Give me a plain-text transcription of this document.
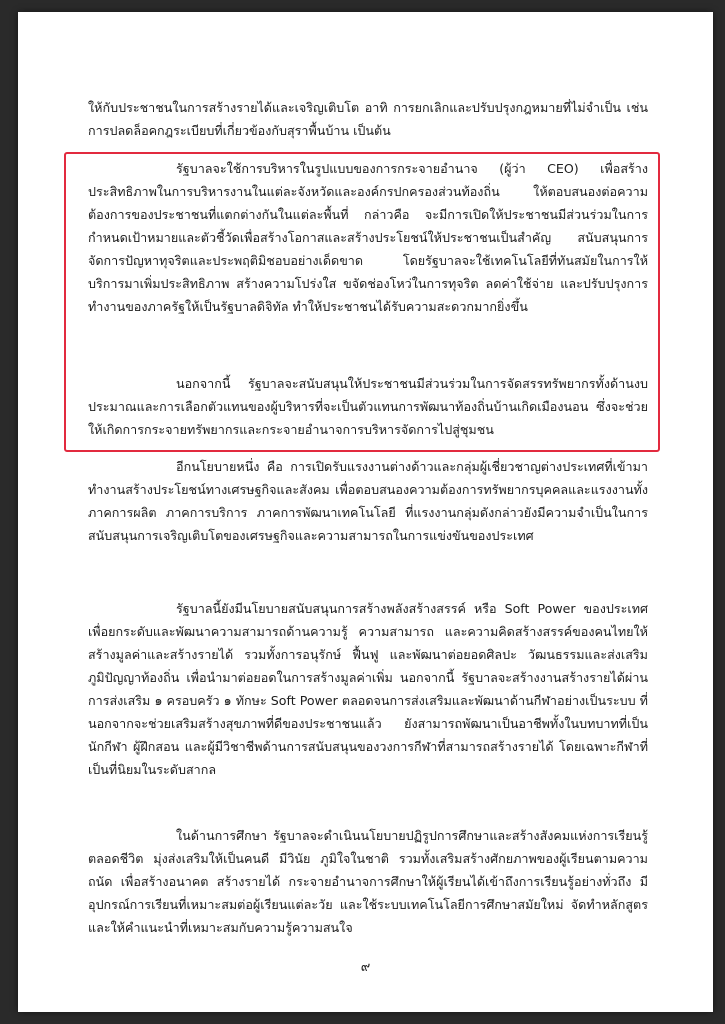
ให้กับประชาชนในการสร้างรายได้และเจริญเติบโต อาทิ การยกเลิกและปรับปรุงกฎหมายที่ไม่จำเป็น เช่น การปลดล็อคกฎระเบียบที่เกี่ยวข้องกับสุราพื้นบ้าน เป็นต้น

รัฐบาลจะใช้การบริหารในรูปแบบของการกระจายอำนาจ (ผู้ว่า CEO) เพื่อสร้างประสิทธิภาพในการบริหารงานในแต่ละจังหวัดและองค์กรปกครองส่วนท้องถิ่น ให้ตอบสนองต่อความต้องการของประชาชนที่แตกต่างกันในแต่ละพื้นที่ กล่าวคือ จะมีการเปิดให้ประชาชนมีส่วนร่วมในการกำหนดเป้าหมายและตัวชี้วัดเพื่อสร้างโอกาสและสร้างประโยชน์ให้ประชาชนเป็นสำคัญ สนับสนุนการจัดการปัญหาทุจริตและประพฤติมิชอบอย่างเด็ดขาด โดยรัฐบาลจะใช้เทคโนโลยีที่ทันสมัยในการให้บริการมาเพิ่มประสิทธิภาพ สร้างความโปร่งใส ขจัดช่องโหว่ในการทุจริต ลดค่าใช้จ่าย และปรับปรุงการทำงานของภาครัฐให้เป็นรัฐบาลดิจิทัล ทำให้ประชาชนได้รับความสะดวกมากยิ่งขึ้น

นอกจากนี้ รัฐบาลจะสนับสนุนให้ประชาชนมีส่วนร่วมในการจัดสรรทรัพยากรทั้งด้านงบประมาณและการเลือกตัวแทนของผู้บริหารที่จะเป็นตัวแทนการพัฒนาท้องถิ่นบ้านเกิดเมืองนอน ซึ่งจะช่วยให้เกิดการกระจายทรัพยากรและกระจายอำนาจการบริหารจัดการไปสู่ชุมชน

อีกนโยบายหนึ่ง คือ การเปิดรับแรงงานต่างด้าวและกลุ่มผู้เชี่ยวชาญต่างประเทศที่เข้ามาทำงานสร้างประโยชน์ทางเศรษฐกิจและสังคม เพื่อตอบสนองความต้องการทรัพยากรบุคคลและแรงงานทั้งภาคการผลิต ภาคการบริการ ภาคการพัฒนาเทคโนโลยี ที่แรงงานกลุ่มดังกล่าวยังมีความจำเป็นในการสนับสนุนการเจริญเติบโตของเศรษฐกิจและความสามารถในการแข่งขันของประเทศ

รัฐบาลนี้ยังมีนโยบายสนับสนุนการสร้างพลังสร้างสรรค์ หรือ Soft Power ของประเทศเพื่อยกระดับและพัฒนาความสามารถด้านความรู้ ความสามารถ และความคิดสร้างสรรค์ของคนไทยให้สร้างมูลค่าและสร้างรายได้ รวมทั้งการอนุรักษ์ ฟื้นฟู และพัฒนาต่อยอดศิลปะ วัฒนธรรมและส่งเสริมภูมิปัญญาท้องถิ่น เพื่อนำมาต่อยอดในการสร้างมูลค่าเพิ่ม นอกจากนี้ รัฐบาลจะสร้างงานสร้างรายได้ผ่านการส่งเสริม ๑ ครอบครัว ๑ ทักษะ Soft Power ตลอดจนการส่งเสริมและพัฒนาด้านกีฬาอย่างเป็นระบบ ที่นอกจากจะช่วยเสริมสร้างสุขภาพที่ดีของประชาชนแล้ว ยังสามารถพัฒนาเป็นอาชีพทั้งในบทบาทที่เป็นนักกีฬา ผู้ฝึกสอน และผู้มีวิชาชีพด้านการสนับสนุนของวงการกีฬาที่สามารถสร้างรายได้ โดยเฉพาะกีฬาที่เป็นที่นิยมในระดับสากล

ในด้านการศึกษา รัฐบาลจะดำเนินนโยบายปฏิรูปการศึกษาและสร้างสังคมแห่งการเรียนรู้ตลอดชีวิต มุ่งส่งเสริมให้เป็นคนดี มีวินัย ภูมิใจในชาติ รวมทั้งเสริมสร้างศักยภาพของผู้เรียนตามความถนัด เพื่อสร้างอนาคต สร้างรายได้ กระจายอำนาจการศึกษาให้ผู้เรียนได้เข้าถึงการเรียนรู้อย่างทั่วถึง มีอุปกรณ์การเรียนที่เหมาะสมต่อผู้เรียนแต่ละวัย และใช้ระบบเทคโนโลยีการศึกษาสมัยใหม่ จัดทำหลักสูตรและให้คำแนะนำที่เหมาะสมกับความรู้ความสนใจ

๙
